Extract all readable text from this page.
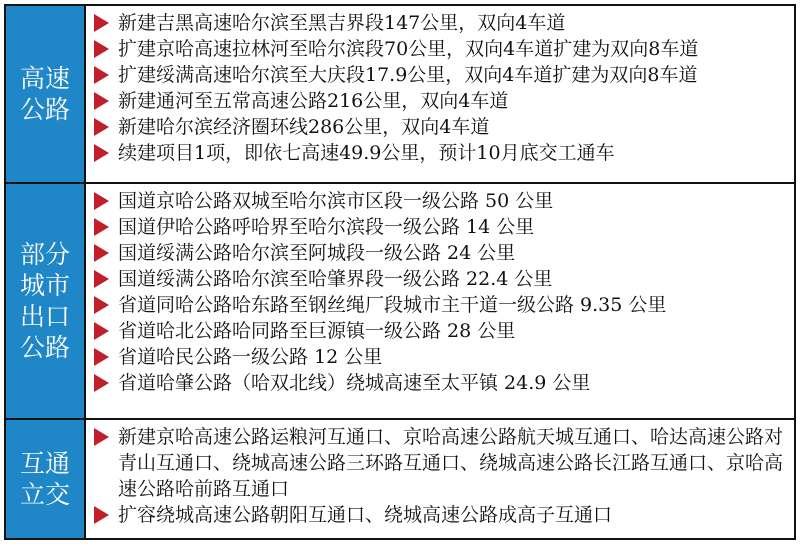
高速
公路
新建吉黑高速哈尔滨至黑吉界段147公里，双向4车道
扩建京哈高速拉林河至哈尔滨段70公里，双向4车道扩建为双向8车道
扩建绥满高速哈尔滨至大庆段17.9公里，双向4车道扩建为双向8车道
新建通河至五常高速公路216公里，双向4车道
新建哈尔滨经济圈环线286公里，双向4车道
续建项目1项，即依七高速49.9公里，预计10月底交工通车
部分
城市
出口
公路
国道京哈公路双城至哈尔滨市区段一级公路 50 公里
国道伊哈公路呼哈界至哈尔滨段一级公路 14 公里
国道绥满公路哈尔滨至阿城段一级公路 24 公里
国道绥满公路哈尔滨至哈肇界段一级公路 22.4 公里
省道同哈公路哈东路至钢丝绳厂段城市主干道一级公路 9.35 公里
省道哈北公路哈同路至巨源镇一级公路 28 公里
省道哈民公路一级公路 12 公里
省道哈肇公路（哈双北线）绕城高速至太平镇 24.9 公里
互通
立交
新建京哈高速公路运粮河互通口、京哈高速公路航天城互通口、哈达高速公路对青山互通口、绕城高速公路三环路互通口、绕城高速公路长江路互通口、京哈高速公路哈前路互通口
扩容绕城高速公路朝阳互通口、绕城高速公路成高子互通口
